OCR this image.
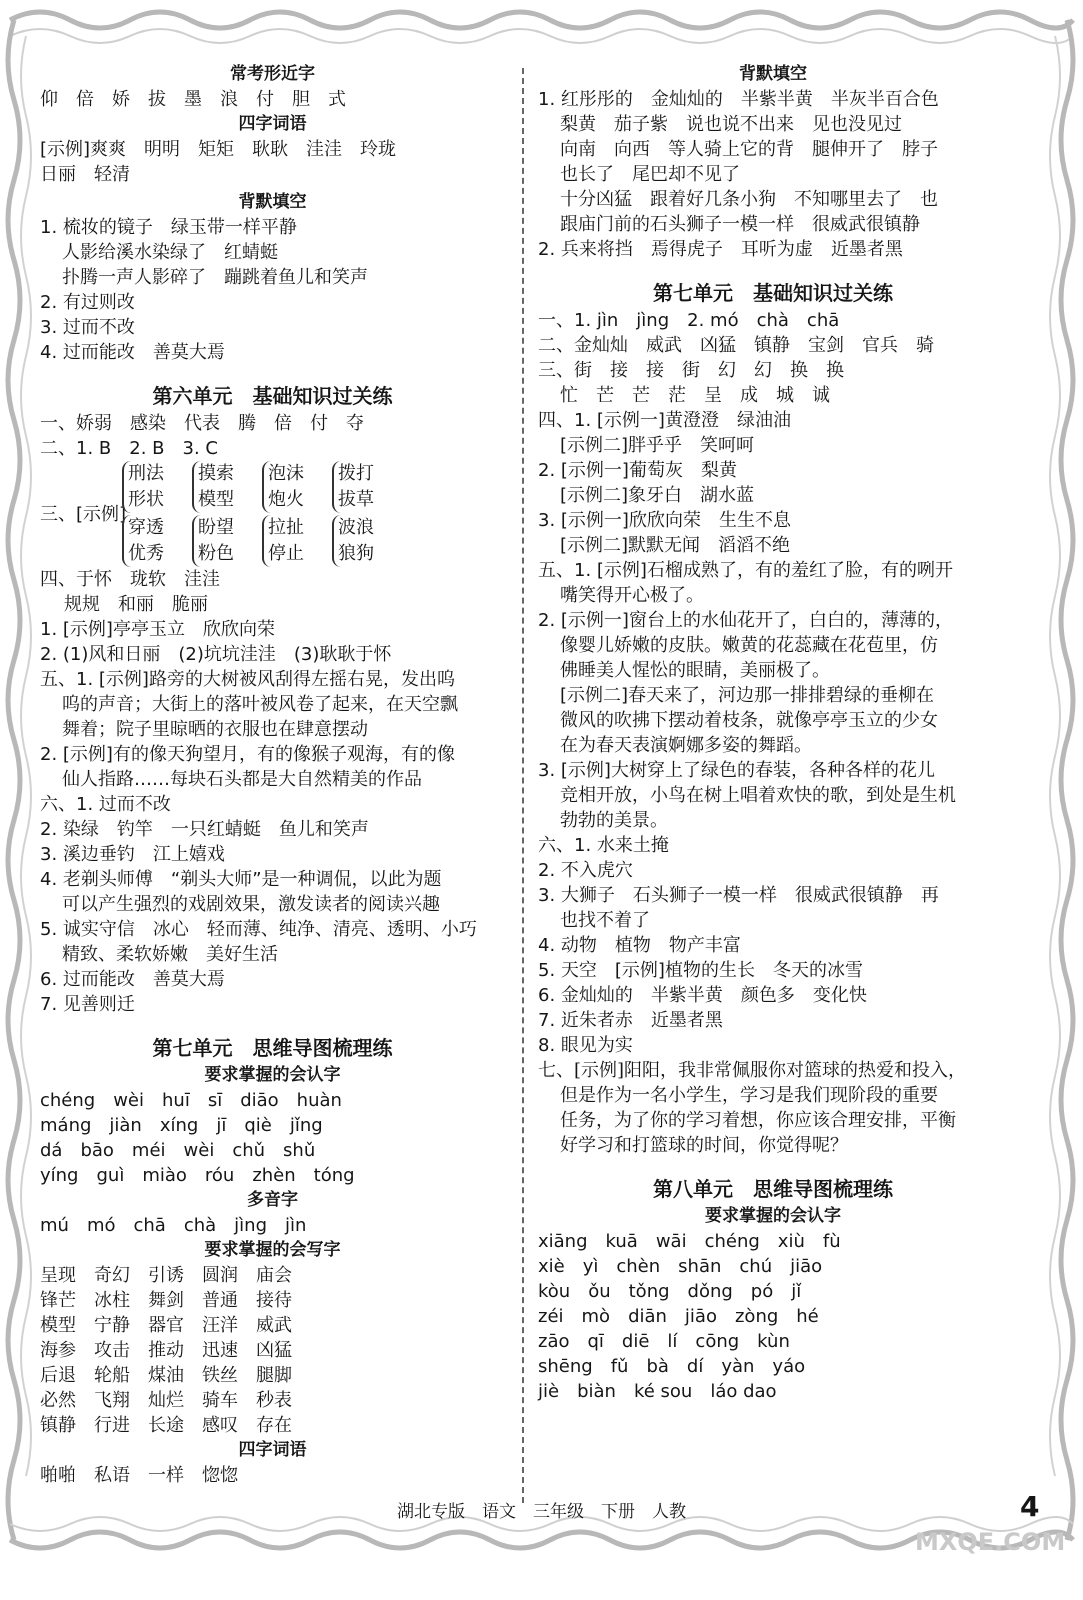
常考形近字
仰　倍　娇　拔　墨　浪　付　胆　式
四字词语
[示例]爽爽　明明　矩矩　耿耿　洼洼　玲珑
日丽　轻清
背默填空
1. 梳妆的镜子　绿玉带一样平静
人影给溪水染绿了　红蜻蜓
扑腾一声人影碎了　蹦跳着鱼儿和笑声
2. 有过则改
3. 过而不改
4. 过而能改　善莫大焉
第六单元　基础知识过关练
一、娇弱　感染　代表　腾　倍　付　夺
二、1. B　2. B　3. C
三、[示例]
刑法
形状
摸索
模型
泡沫
炮火
拨打
拔草
穿透
优秀
盼望
粉色
拉扯
停止
波浪
狼狗
四、于怀　珑软　洼洼
规规　和丽　脆丽
1. [示例]亭亭玉立　欣欣向荣
2. (1)风和日丽　(2)坑坑洼洼　(3)耿耿于怀
五、1. [示例]路旁的大树被风刮得左摇右晃，发出呜
呜的声音；大街上的落叶被风卷了起来，在天空飘
舞着；院子里晾晒的衣服也在肆意摆动
2. [示例]有的像天狗望月，有的像猴子观海，有的像
仙人指路……每块石头都是大自然精美的作品
六、1. 过而不改
2. 染绿　钓竿　一只红蜻蜓　鱼儿和笑声
3. 溪边垂钓　江上嬉戏
4. 老剃头师傅　“剃头大师”是一种调侃，以此为题
可以产生强烈的戏剧效果，激发读者的阅读兴趣
5. 诚实守信　冰心　轻而薄、纯净、清亮、透明、小巧
精致、柔软娇嫩　美好生活
6. 过而能改　善莫大焉
7. 见善则迁
第七单元　思维导图梳理练
要求掌握的会认字
chéng　wèi　huī　sī　diāo　huàn
máng　jiàn　xíng　jī　qiè　jǐng
dá　bāo　méi　wèi　chǔ　shǔ
yíng　guì　miào　róu　zhèn　tóng
多音字
mú　mó　chā　chà　jìng　jìn
要求掌握的会写字
呈现　奇幻　引诱　圆润　庙会
锋芒　冰柱　舞剑　普通　接待
模型　宁静　器官　汪洋　威武
海参　攻击　推动　迅速　凶猛
后退　轮船　煤油　铁丝　腿脚
必然　飞翔　灿烂　骑车　秒表
镇静　行进　长途　感叹　存在
四字词语
啪啪　私语　一样　惚惚
背默填空
1. 红彤彤的　金灿灿的　半紫半黄　半灰半百合色
梨黄　茄子紫　说也说不出来　见也没见过
向南　向西　等人骑上它的背　腿伸开了　脖子
也长了　尾巴却不见了
十分凶猛　跟着好几条小狗　不知哪里去了　也
跟庙门前的石头狮子一模一样　很威武很镇静
2. 兵来将挡　焉得虎子　耳听为虚　近墨者黑
第七单元　基础知识过关练
一、1. jìn　jìng　2. mó　chà　chā
二、金灿灿　威武　凶猛　镇静　宝剑　官兵　骑
三、街　接　接　街　幻　幻　换　换
忙　芒　芒　茫　呈　成　城　诚
四、1. [示例一]黄澄澄　绿油油
[示例二]胖乎乎　笑呵呵
2. [示例一]葡萄灰　梨黄
[示例二]象牙白　湖水蓝
3. [示例一]欣欣向荣　生生不息
[示例二]默默无闻　滔滔不绝
五、1. [示例]石榴成熟了，有的羞红了脸，有的咧开
嘴笑得开心极了。
2. [示例一]窗台上的水仙花开了，白白的，薄薄的，
像婴儿娇嫩的皮肤。嫩黄的花蕊藏在花苞里，仿
佛睡美人惺忪的眼睛，美丽极了。
[示例二]春天来了，河边那一排排碧绿的垂柳在
微风的吹拂下摆动着枝条，就像亭亭玉立的少女
在为春天表演婀娜多姿的舞蹈。
3. [示例]大树穿上了绿色的春装，各种各样的花儿
竞相开放，小鸟在树上唱着欢快的歌，到处是生机
勃勃的美景。
六、1. 水来土掩
2. 不入虎穴
3. 大狮子　石头狮子一模一样　很威武很镇静　再
也找不着了
4. 动物　植物　物产丰富
5. 天空　[示例]植物的生长　冬天的冰雪
6. 金灿灿的　半紫半黄　颜色多　变化快
7. 近朱者赤　近墨者黑
8. 眼见为实
七、[示例]阳阳，我非常佩服你对篮球的热爱和投入，
但是作为一名小学生，学习是我们现阶段的重要
任务，为了你的学习着想，你应该合理安排，平衡
好学习和打篮球的时间，你觉得呢？
第八单元　思维导图梳理练
要求掌握的会认字
xiāng　kuā　wāi　chéng　xiù　fù
xiè　yì　chèn　shān　chú　jiāo
kòu　ǒu　tǒng　dǒng　pó　jǐ
zéi　mò　diān　jiāo　zòng　hé
zāo　qī　diē　lí　cōng　kùn
shēng　fǔ　bà　dí　yàn　yáo
jiè　biàn　ké sou　láo dao
湖北专版　语文　三年级　下册　人教	4
MXQE.COM
